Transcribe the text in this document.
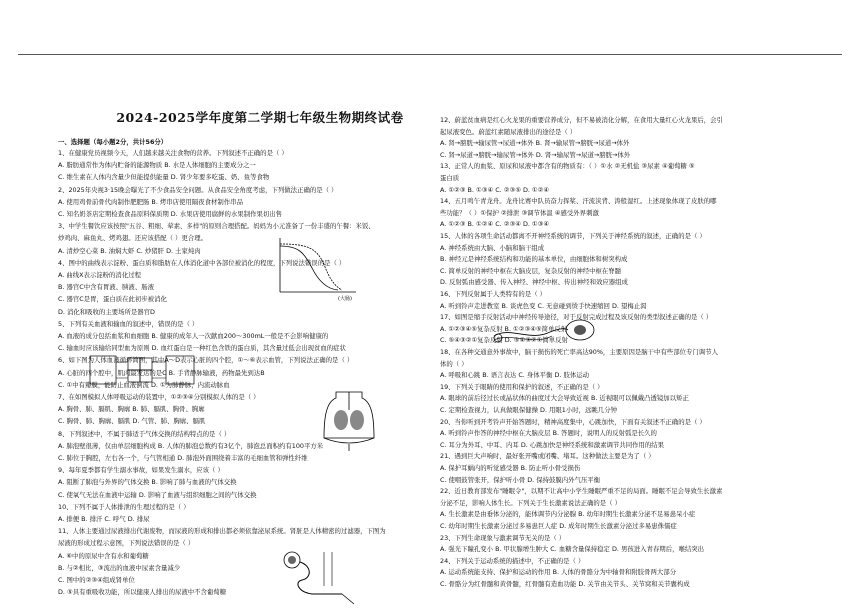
2024-2025学年度第二学期七年级生物期终试卷
一、选择题（每小题2分，共计56分）
1、在健康党员视频今天，人们越来越关注食物的营养。下列叙述不正确的是（ ）
A. 脂肪通常作为体内贮备的能源物质 B. 水是人体细胞的主要成分之一
C. 维生素在人体内含量少但能提供能量 D. 肾少年要多吃蛋、奶、鱼等食物
2、2025年央视3·15晚会曝光了不少食品安全问题。从食品安全角度考虑，下列做法正确的是（ ）
A. 使用鸡骨前骨代肉制作肥肥肠 B. 烤串店使用隔夜食材制作串品
C. 知名奶茶店定期检查食品原料保质期 D. 水果店使用腐鲜的水果制作果切出售
3、中学生餐饮应该按照"五谷、粗细、荤素、多样"的原则合理搭配。妈妈为小元准备了一份丰盛的午餐：米饭、
炒鸡肉、麻鱼丸、烤鸡翅。还应该搭配（ ）更合理。
A. 清炒空心菜 B. 油焖大虾 C. 炒猪肝 D. 土家炖肉
4、图中的曲线表示淀粉、蛋白质和脂肪在人体消化道中各部位被消化的程度，下列说法错误的是（ ）
A. 曲线X表示淀粉的消化过程
B. 器官C中含有胃液、胰液、肠液
C. 器官C是胃，蛋白质在此初步被消化
D. 消化和吸收的主要场所是器官D
5、下列有关血液和输血的叙述中，错误的是（ ）
A. 血液的成分包括血浆和血细胞 B. 健康的成年人一次献血200～300mL一般是不会影响健康的
C. 输血时应该输给同型血为原则 D. 血红蛋白是一种红色含铁的蛋白质，其含量过低会出现贫血的症状
6、如下图为人体血液循环简图，其中A～D表示心脏的四个腔，①～⑥表示血管，下列说法正确的是（ ）
A. 心脏的四个腔中，肌肉最发达的是C B. 手背静脉输液，药物最先到达B
C. ①中有瓣膜，能防止血液倒流 D. ①为肺静脉，内流动脉血
7、在如图模拟人体呼吸运动的装置中，①②③④分别模拟人体的是（ ）
A. 胸骨、肺、膈肌、胸廓 B. 肺、膈肌、胸骨、胸廓
C. 胸骨、肺、胸廓、膈肌 D. 气管、肺、胸廓、膈肌
8、下列叙述中，不属于肺适于气体交换的结构特点的是（ ）
A. 肺泡壁很薄，仅由单层细胞构成 B. 人体的肺泡总数约有3亿个，肺泡总面积约有100平方米
C. 肺位于胸腔，左右各一个，与气管相通 D. 肺泡外面围绕着丰富的毛细血管和弹性纤维
9、每年夏季都有学生溺水事故，如果发生溺水，应该（ ）
A. 阻断了肺泡与外界的气体交换 B. 影响了肺与血液的气体交换
C. 使氧气无法在血液中运输 D. 影响了血液与组织细胞之间的气体交换
10、下列不属于人体排泄的生理过程的是（ ）
A. 排便 B. 排汗 C. 呼气 D. 排尿
11、人体主要通过尿液排出代谢废物，而尿液的形成和排出都必须依靠泌尿系统。肾脏是人体精密的过滤器，下图为
尿液的形成过程示意图，下列说法错误的是（ ）
A. ⑥中的原尿中含有水和葡萄糖
B. 与②相比，③流出的血液中尿素含量减少
C. 图中的②③④组成肾单位
D. ⑤具有重吸收功能，所以健康人排出的尿液中不含葡萄糖
12、蔚蓝贫血病是红心火龙果的重要营养成分，但不易被消化分解，在食用大量红心火龙果后，会引
起尿液变色。蔚蓝红素随尿液排出的途径是（ ）
A. 肾→膀胱→输尿管→尿道→体外 B. 肾→输尿管→膀胱→尿道→体外
C. 肾→尿道→膀胱→输尿管→体外 D. 肾→输尿管→尿道→膀胱→体外
13、正常人的血浆、原尿和尿液中都含有的物质有：（ ）①水 ②无机盐 ③尿素 ④葡萄糖 ⑤
蛋白质
A. ①②③ B. ①③④ C. ②③⑤ D. ①②④
14、五月鸣午青龙舟。龙舟比赛中队员奋力挥桨、汗流浃背、涛般湿红。上述现象体现了皮肤的哪
些功能？（ ）①保护 ②排泄 ③调节体温 ④感受外界刺激
A. ①②③ B. ①②④ C. ②③④ D. ①③④
15、人体的各项生命活动都离不开神经系统的调节，下列关于神经系统的叙述，正确的是（ ）
A. 神经系统由大脑、小脑和脑干组成
B. 神经元是神经系统结构和功能的基本单位，由细胞体和树突构成
C. 简单反射的神经中枢在大脑皮层，复杂反射的神经中枢在脊髓
D. 反射弧由感受器、传入神经、神经中枢、传出神经和效应器组成
16、下列反射属于人类特有的是（ ）
A. 听到铃声走进教室 B. 谈虎色变 C. 无意碰到烫手快速缩回 D. 望梅止渴
17、如图是缩手反射活动中神经传导途径，对于反射完成过程及该反射的类型叙述正确的是（ ）
A. ①②③④⑤复杂反射 B. ①②③④⑤简单反射
C. ⑤④③②①复杂反射 D. ⑤④③②①简单反射
18、在各种交通意外事故中，脑干损伤的死亡率高达90%，主要原因是脑干中有些部位专门调节人
体的（ ）
A. 呼吸和心跳 B. 语言表达 C. 身体平衡 D. 肢体运动
19、下列关于眼睛的使用和保护的叙述，不正确的是（ ）
A. 眼球的前后径过长或晶状体的曲度过大会导致近视 B. 近视眼可以佩戴凸透镜加以矫正
C. 定期检查视力，认真做眼保健操 D. 用眼1小时，远眺几分钟
20、当你听到开考铃声开始答题时，精神高度集中，心跳加快，下面有关叙述不正确的是（ ）
A. 听到铃声作答的神经中枢在大脑皮层 B. 答题时，说明人的反射弧是长久的
C. 耳分为外耳、中耳、内耳 D. 心跳加快是神经系统和激素调节共同作用的结果
21、遇到巨大声响时，最好张开嘴或闭嘴、堵耳。这种做法主要是为了（ ）
A. 保护耳蜗内的听觉感受器 B. 防止听小骨受损伤
C. 使咽鼓管张开，保护听小骨 D. 保持鼓膜内外气压平衡
22、近日教育部发布"睡眠令"，以期不让高中小学生睡眠严重不足的局面。睡眠不足会导致生长激素
分泌不足，影响人体生长。下列关于生长激素说法正确的是（ ）
A. 生长激素是由垂体分泌的，能体调节内分泌腺 B. 幼年时期生长激素分泌不足易患呆小症
C. 幼年时期生长激素分泌过多易患巨人症 D. 成年时期生长激素分泌过多易患侏儒症
23、下列生命现象与激素调节无关的是（ ）
A. 强光下瞳孔变小 B. 甲状腺增生肿大 C. 血糖含量保持稳定 D. 男孩进入青春期后，喉结突出
24、下列关于运动系统的描述中，不正确的是（ ）
A. 运动系统能支持、保护和运动的作用 B. 人体的骨骼分为中轴骨和附肢骨两大部分
C. 骨骼分为红骨髓和黄骨髓，红骨髓有造血功能 D. 关节由关节头、关节窝和关节囊构成
(大肠)
